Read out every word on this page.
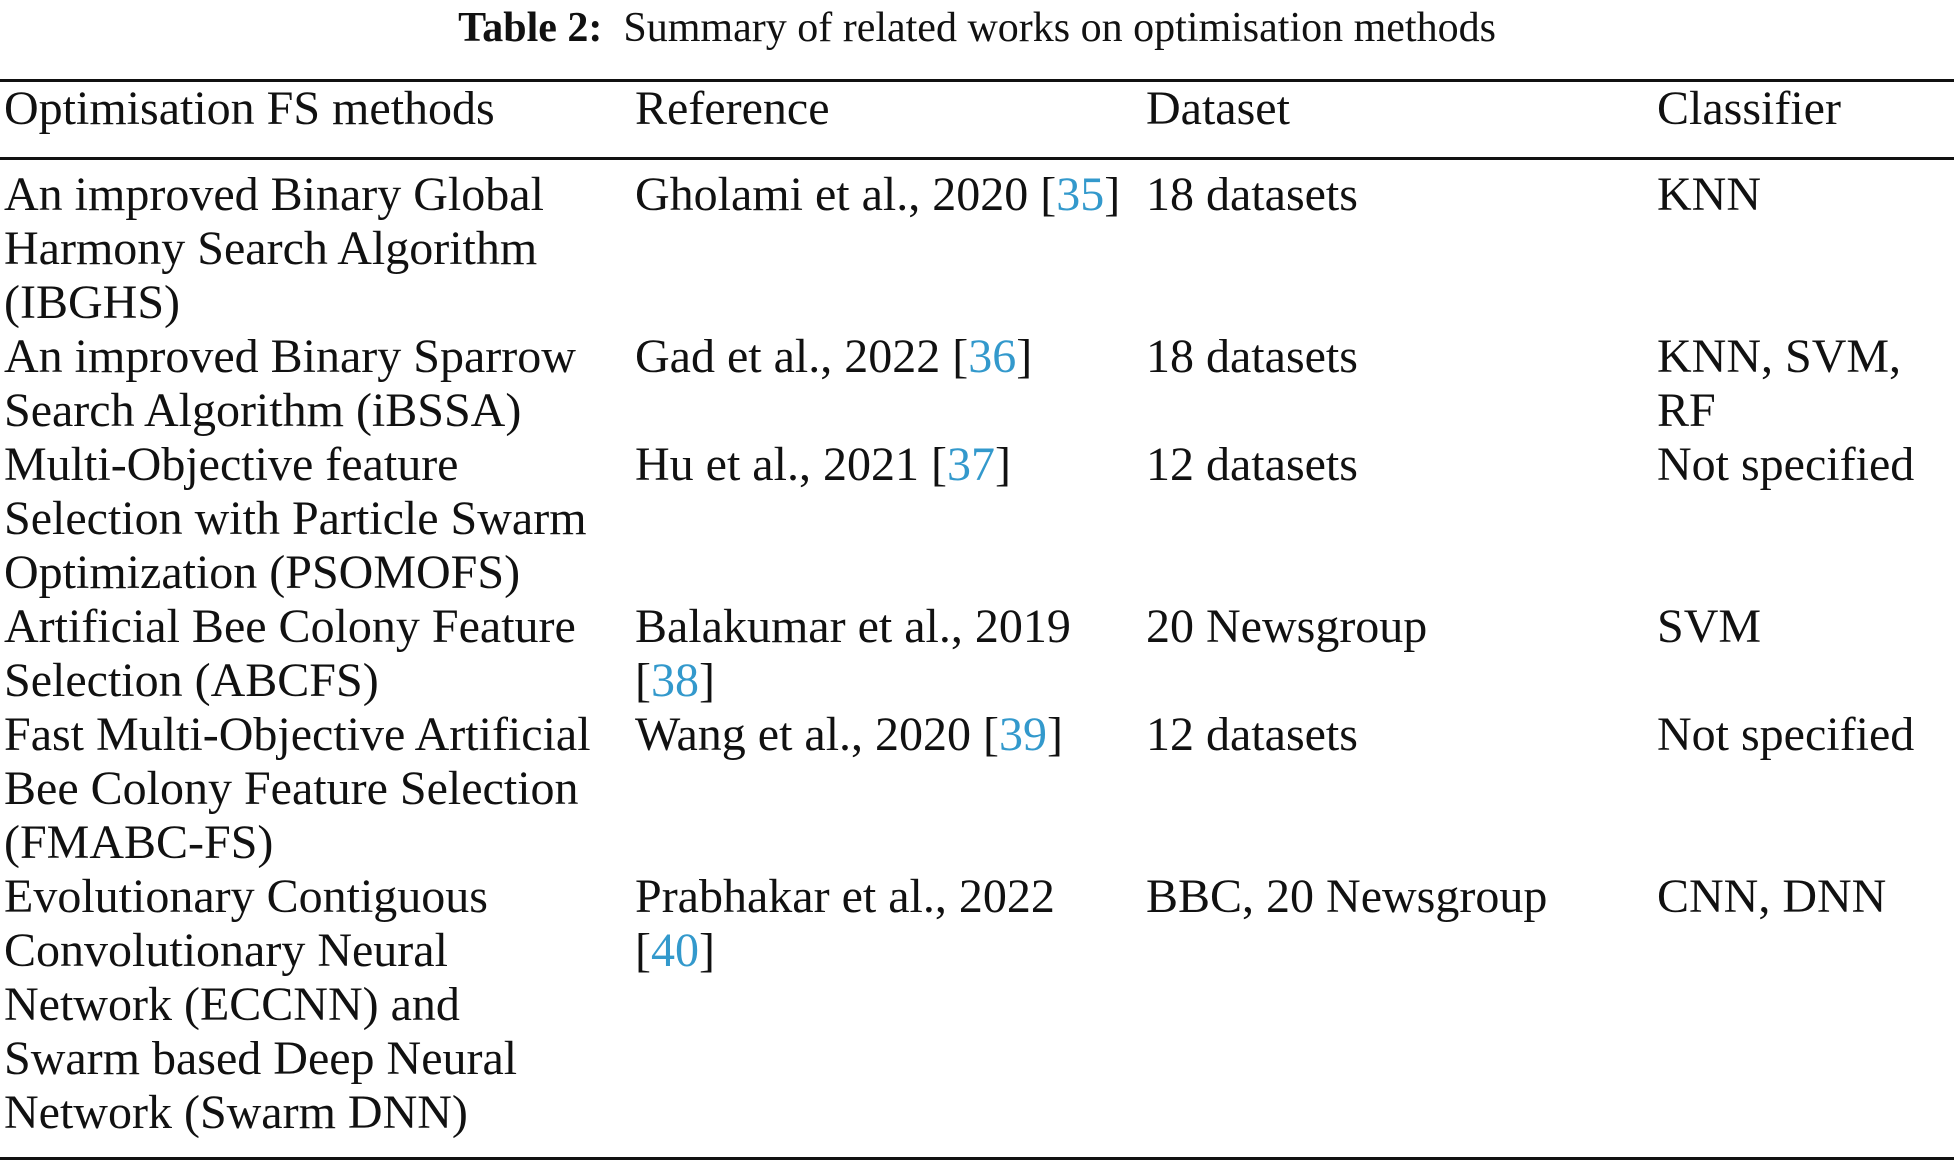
Table 2: Summary of related works on optimisation methods
Optimisation FS methods	Reference	Dataset	Classifier

An improved Binary Global
Harmony Search Algorithm
(IBGHS)	Gholami et al., 2020 [35]	18 datasets	KNN

An improved Binary Sparrow
Search Algorithm (iBSSA)	Gad et al., 2022 [36]	18 datasets	KNN, SVM,
RF

Multi-Objective feature
Selection with Particle Swarm
Optimization (PSOMOFS)	Hu et al., 2021 [37]	12 datasets	Not specified

Artificial Bee Colony Feature
Selection (ABCFS)	Balakumar et al., 2019
[38]	20 Newsgroup	SVM

Fast Multi-Objective Artificial
Bee Colony Feature Selection
(FMABC-FS)	Wang et al., 2020 [39]	12 datasets	Not specified

Evolutionary Contiguous
Convolutionary Neural
Network (ECCNN) and
Swarm based Deep Neural
Network (Swarm DNN)	Prabhakar et al., 2022
[40]	BBC, 20 Newsgroup	CNN, DNN
